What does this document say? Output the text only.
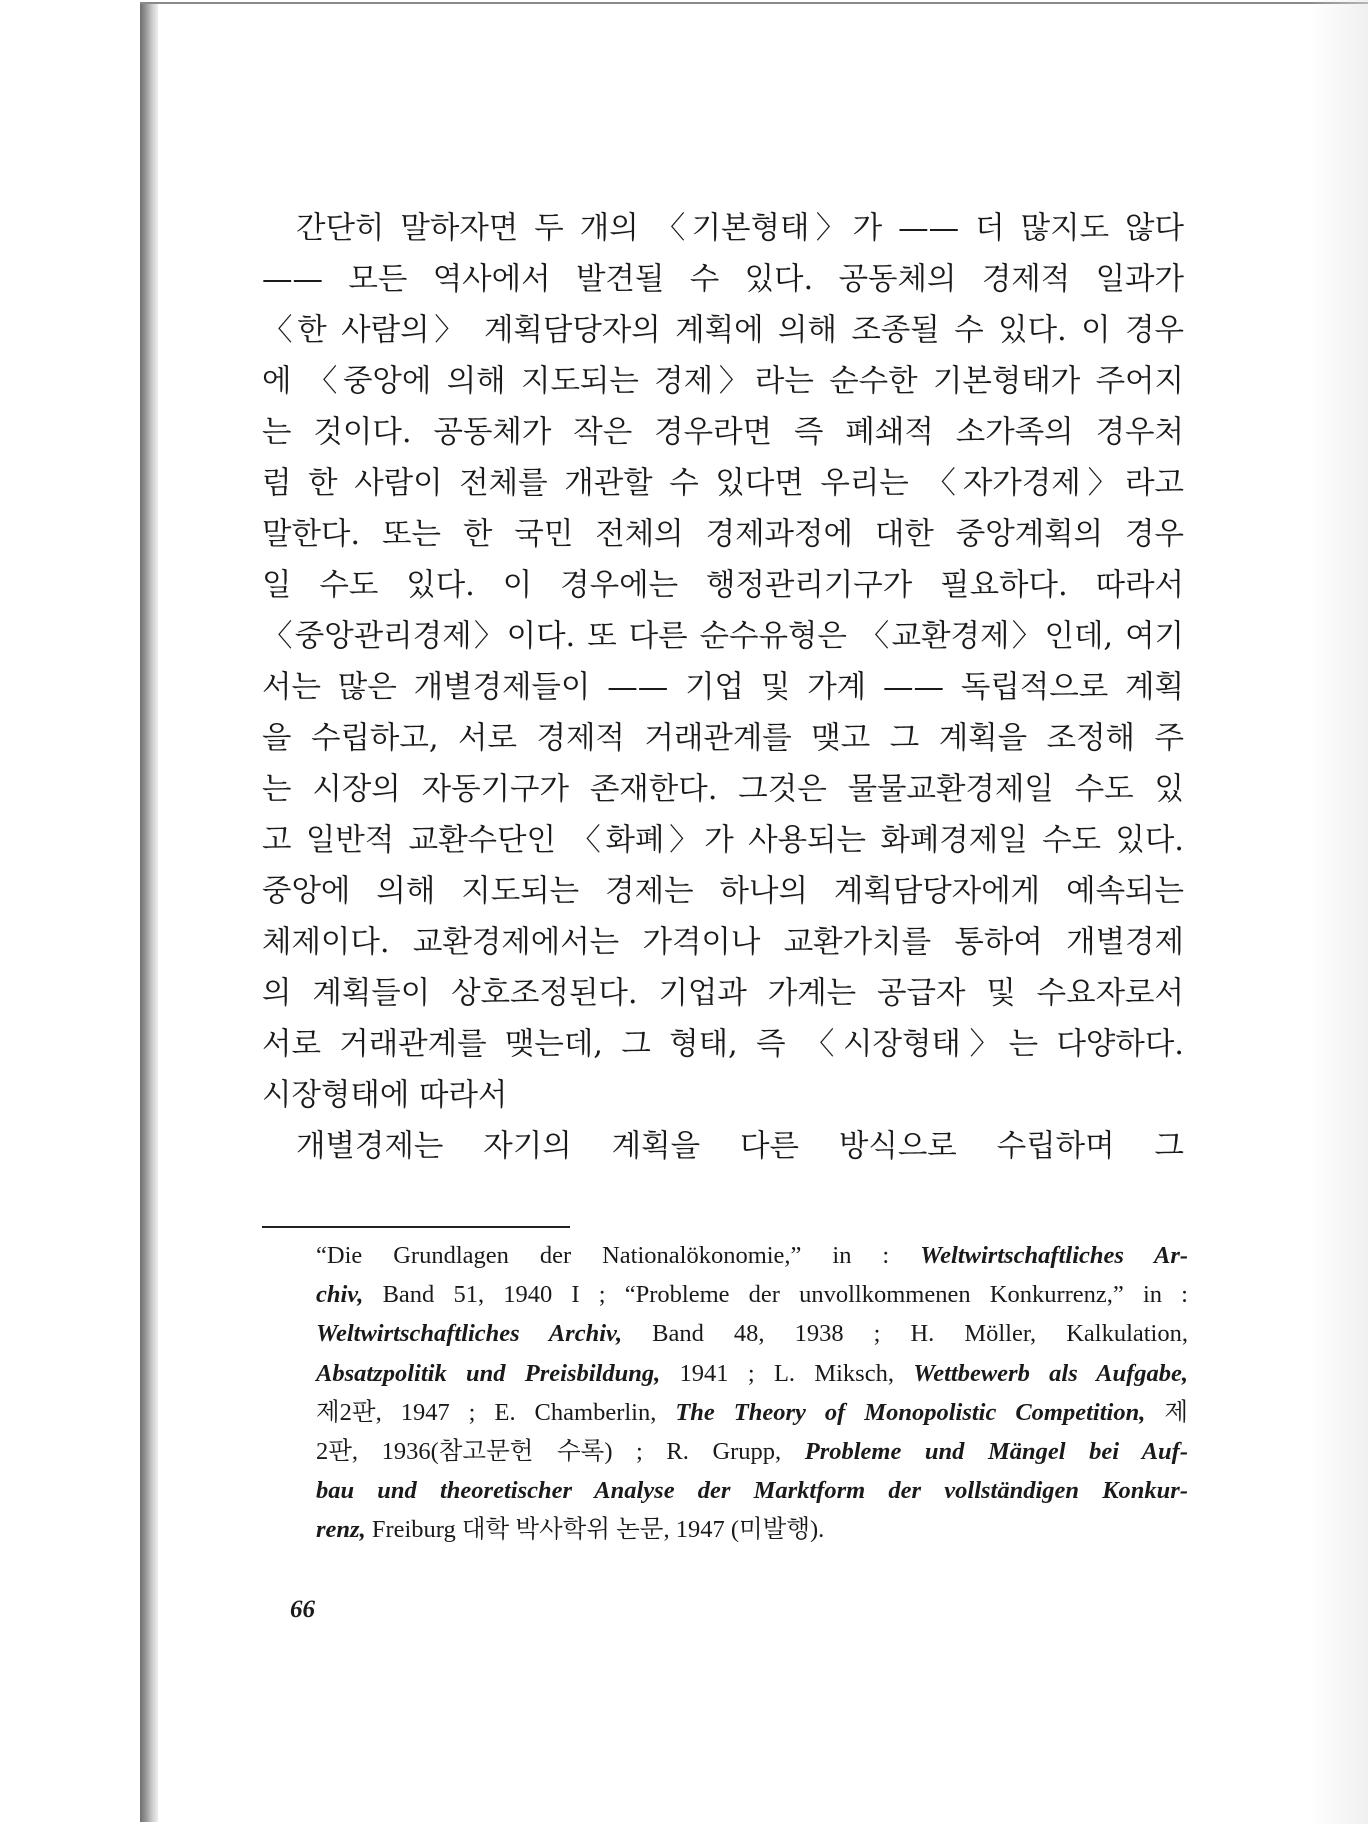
간단히 말하자면 두 개의 〈기본형태〉가 —— 더 많지도 않다
—— 모든 역사에서 발견될 수 있다. 공동체의 경제적 일과가
〈한 사람의〉 계획담당자의 계획에 의해 조종될 수 있다. 이 경우
에 〈중앙에 의해 지도되는 경제〉라는 순수한 기본형태가 주어지
는 것이다. 공동체가 작은 경우라면 즉 폐쇄적 소가족의 경우처
럼 한 사람이 전체를 개관할 수 있다면 우리는 〈자가경제〉라고
말한다. 또는 한 국민 전체의 경제과정에 대한 중앙계획의 경우
일 수도 있다. 이 경우에는 행정관리기구가 필요하다. 따라서
〈중앙관리경제〉이다. 또 다른 순수유형은 〈교환경제〉인데, 여기
서는 많은 개별경제들이 —— 기업 및 가계 —— 독립적으로 계획
을 수립하고, 서로 경제적 거래관계를 맺고 그 계획을 조정해 주
는 시장의 자동기구가 존재한다. 그것은 물물교환경제일 수도 있
고 일반적 교환수단인 〈화폐〉가 사용되는 화폐경제일 수도 있다.
중앙에 의해 지도되는 경제는 하나의 계획담당자에게 예속되는
체제이다. 교환경제에서는 가격이나 교환가치를 통하여 개별경제
의 계획들이 상호조정된다. 기업과 가계는 공급자 및 수요자로서
서로 거래관계를 맺는데, 그 형태, 즉 〈시장형태〉는 다양하다.
시장형태에 따라서
개별경제는 자기의 계획을 다른 방식으로 수립하며 그
“Die Grundlagen der Nationalökonomie,” in : Weltwirtschaftliches Ar-
chiv, Band 51, 1940 I ; “Probleme der unvollkommenen Konkurrenz,” in :
Weltwirtschaftliches Archiv, Band 48, 1938 ; H. Möller, Kalkulation,
Absatzpolitik und Preisbildung, 1941 ; L. Miksch, Wettbewerb als Aufgabe,
제2판, 1947 ; E. Chamberlin, The Theory of Monopolistic Competition, 제
2판, 1936(참고문헌 수록) ; R. Grupp, Probleme und Mängel bei Auf-
bau und theoretischer Analyse der Marktform der vollständigen Konkur-
renz, Freiburg 대학 박사학위 논문, 1947 (미발행).
66
